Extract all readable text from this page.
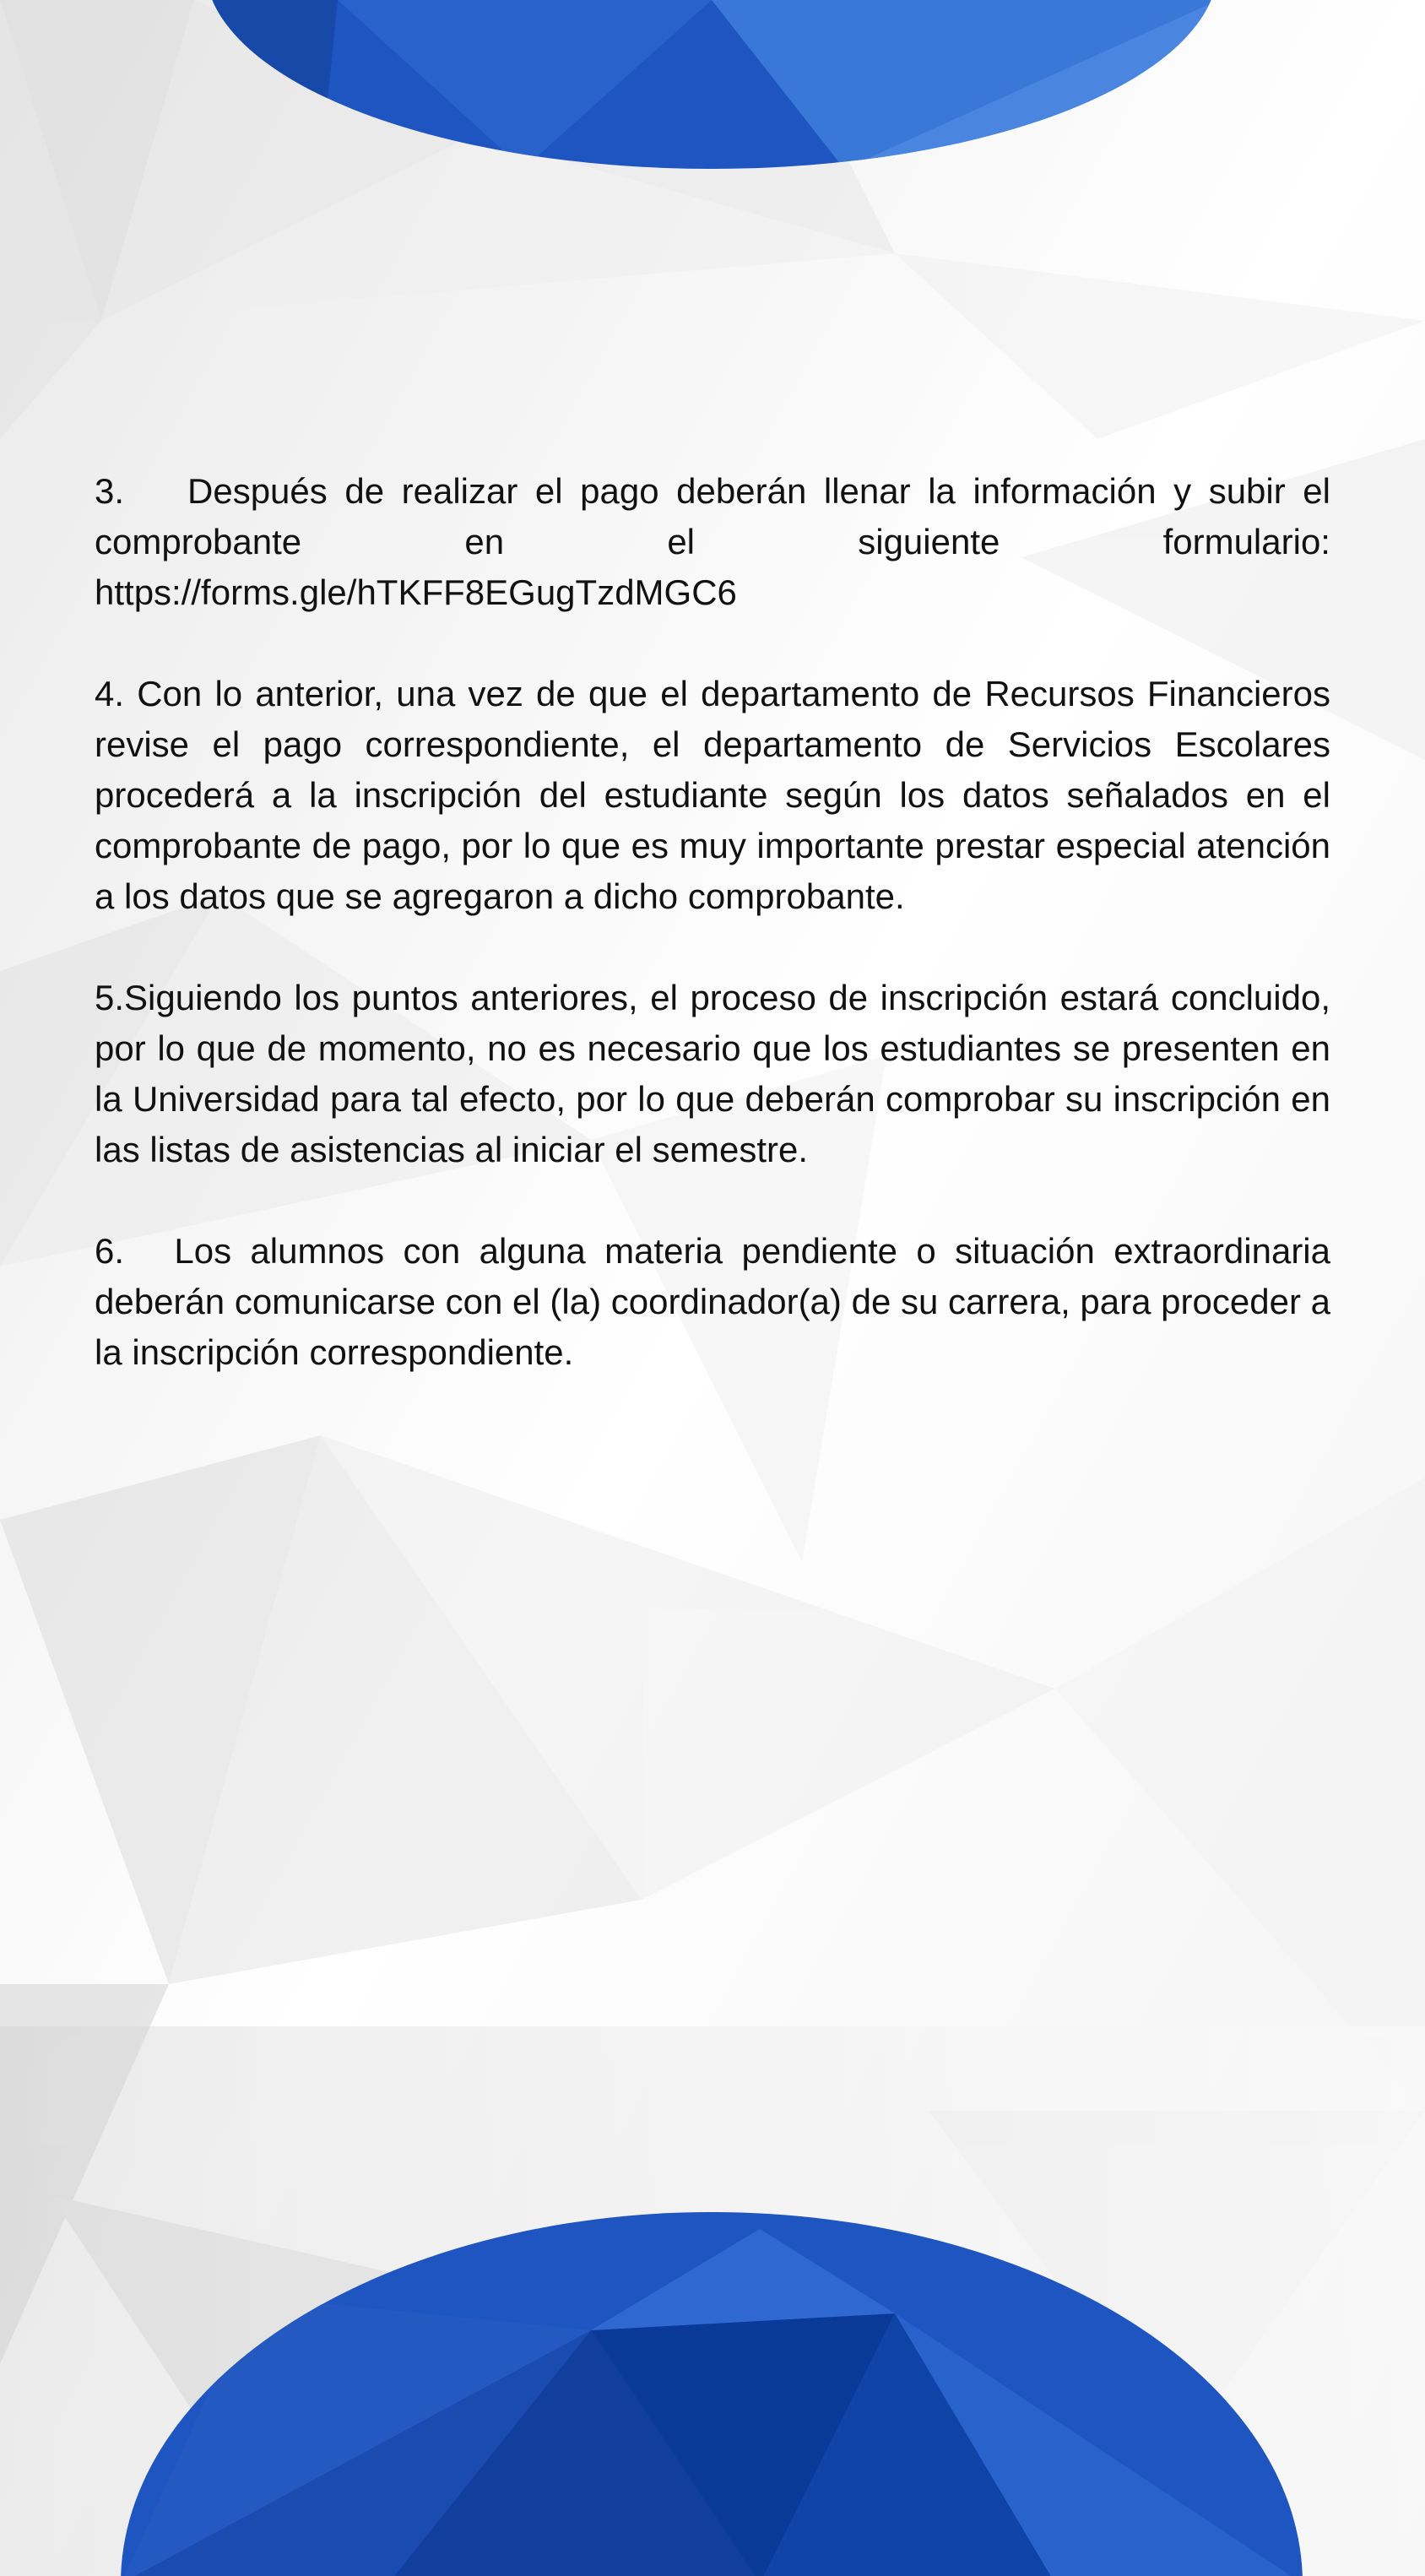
3.	Después de realizar el pago deberán llenar la información y subir el
comprobante	en	el	siguiente	formulario:
https://forms.gle/hTKFF8EGugTzdMGC6
4. Con lo anterior, una vez de que el departamento de Recursos Financieros revise el pago correspondiente, el departamento de Servicios Escolares procederá a la inscripción del estudiante según los datos señalados en el comprobante de pago, por lo que es muy importante prestar especial atención a los datos que se agregaron a dicho comprobante.
5.Siguiendo los puntos anteriores, el proceso de inscripción estará concluido, por lo que de momento, no es necesario que los estudiantes se presenten en la Universidad para tal efecto, por lo que deberán comprobar su inscripción en las listas de asistencias al iniciar el semestre.
6. Los alumnos con alguna materia pendiente o situación extraordinaria deberán comunicarse con el (la) coordinador(a) de su carrera, para proceder a la inscripción correspondiente.
